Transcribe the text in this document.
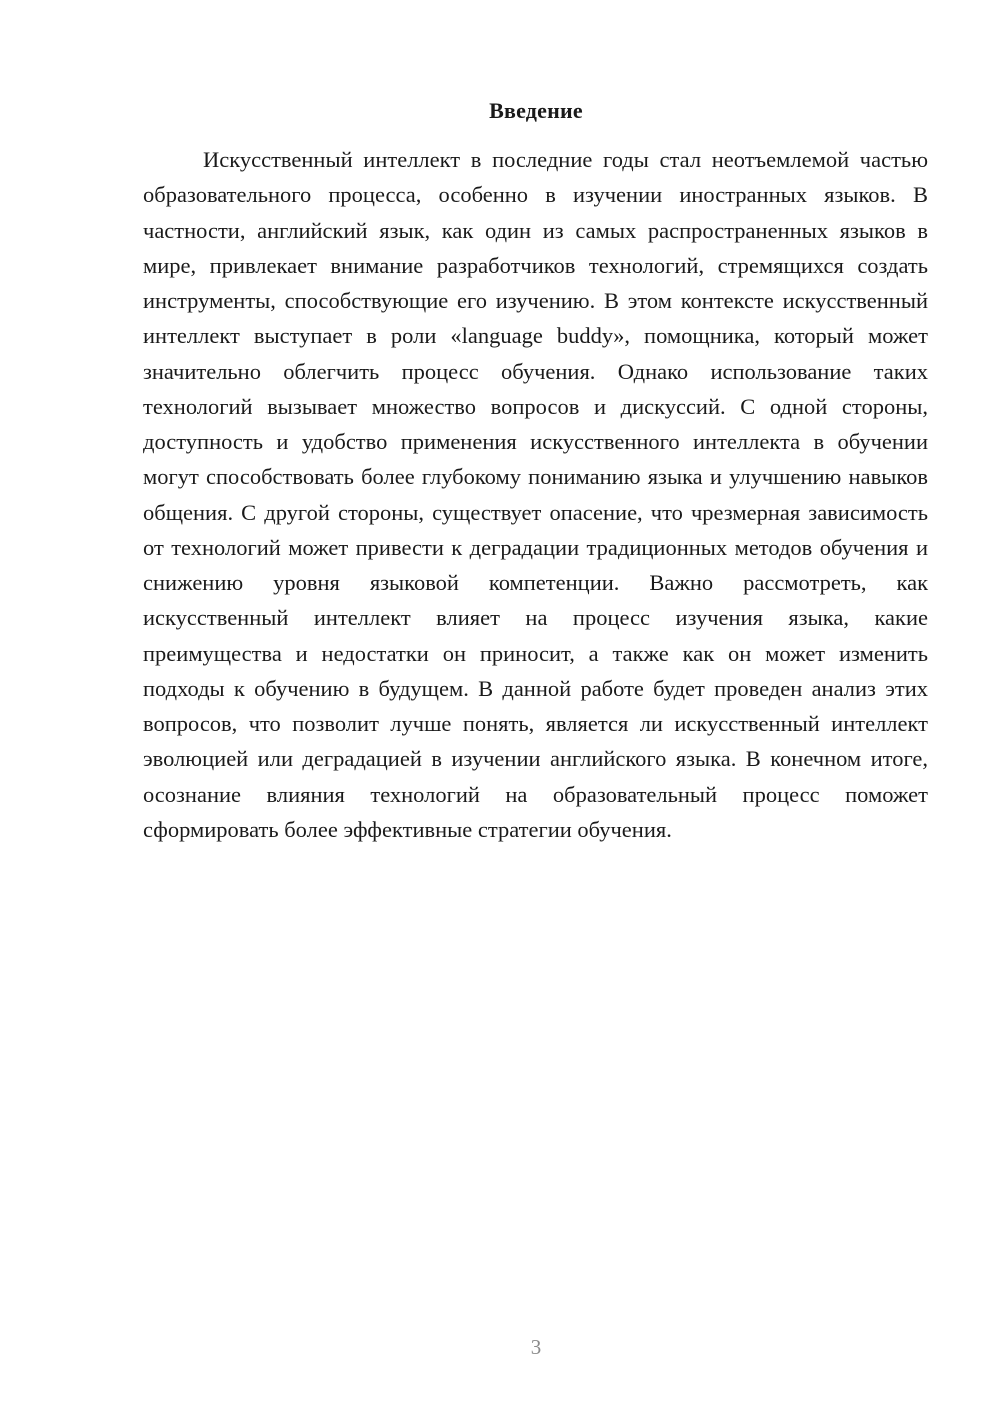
Введение

Искусственный интеллект в последние годы стал неотъемлемой частью образовательного процесса, особенно в изучении иностранных языков. В частности, английский язык, как один из самых распространенных языков в мире, привлекает внимание разработчиков технологий, стремящихся создать инструменты, способствующие его изучению. В этом контексте искусственный интеллект выступает в роли «language buddy», помощника, который может значительно облегчить процесс обучения. Однако использование таких технологий вызывает множество вопросов и дискуссий. С одной стороны, доступность и удобство применения искусственного интеллекта в обучении могут способствовать более глубокому пониманию языка и улучшению навыков общения. С другой стороны, существует опасение, что чрезмерная зависимость от технологий может привести к деградации традиционных методов обучения и снижению уровня языковой компетенции. Важно рассмотреть, как искусственный интеллект влияет на процесс изучения языка, какие преимущества и недостатки он приносит, а также как он может изменить подходы к обучению в будущем. В данной работе будет проведен анализ этих вопросов, что позволит лучше понять, является ли искусственный интеллект эволюцией или деградацией в изучении английского языка. В конечном итоге, осознание влияния технологий на образовательный процесс поможет сформировать более эффективные стратегии обучения.

3
